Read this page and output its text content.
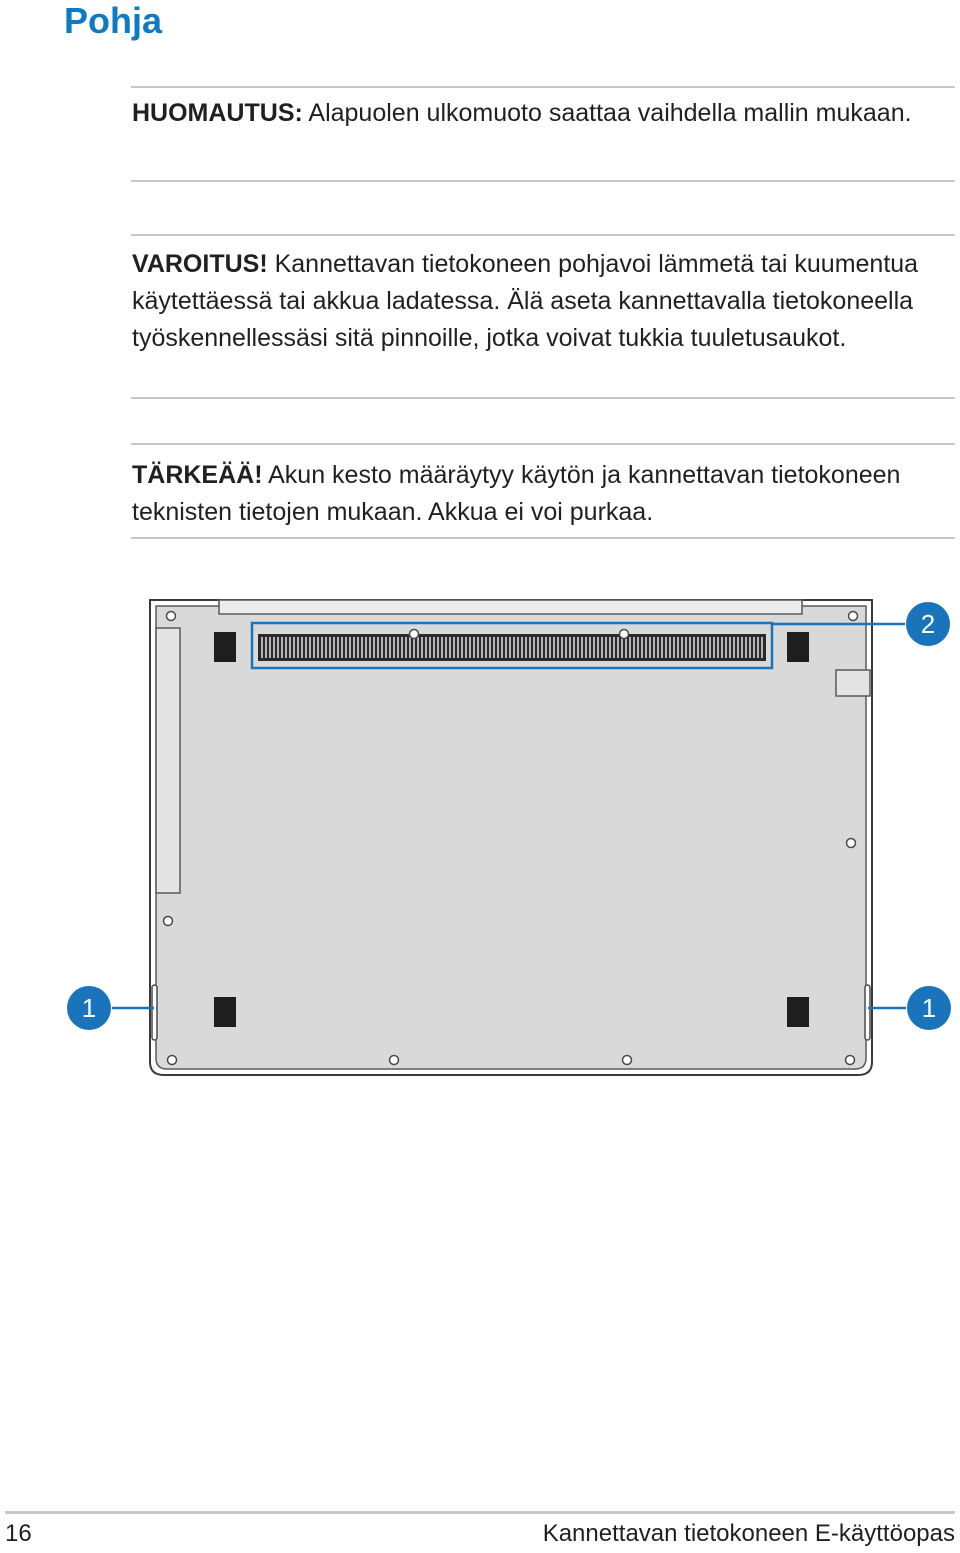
Pohja

HUOMAUTUS: Alapuolen ulkomuoto saattaa vaihdella mallin mukaan.

VAROITUS! Kannettavan tietokoneen pohjavoi lämmetä tai kuumentua käytettäessä tai akkua ladatessa. Älä aseta kannettavalla tietokoneella työskennellessäsi sitä pinnoille, jotka voivat tukkia tuuletusaukot.

TÄRKEÄÄ! Akun kesto määräytyy käytön ja kannettavan tietokoneen teknisten tietojen mukaan. Akkua ei voi purkaa.

2
1	1
16	Kannettavan tietokoneen E-käyttöopas
